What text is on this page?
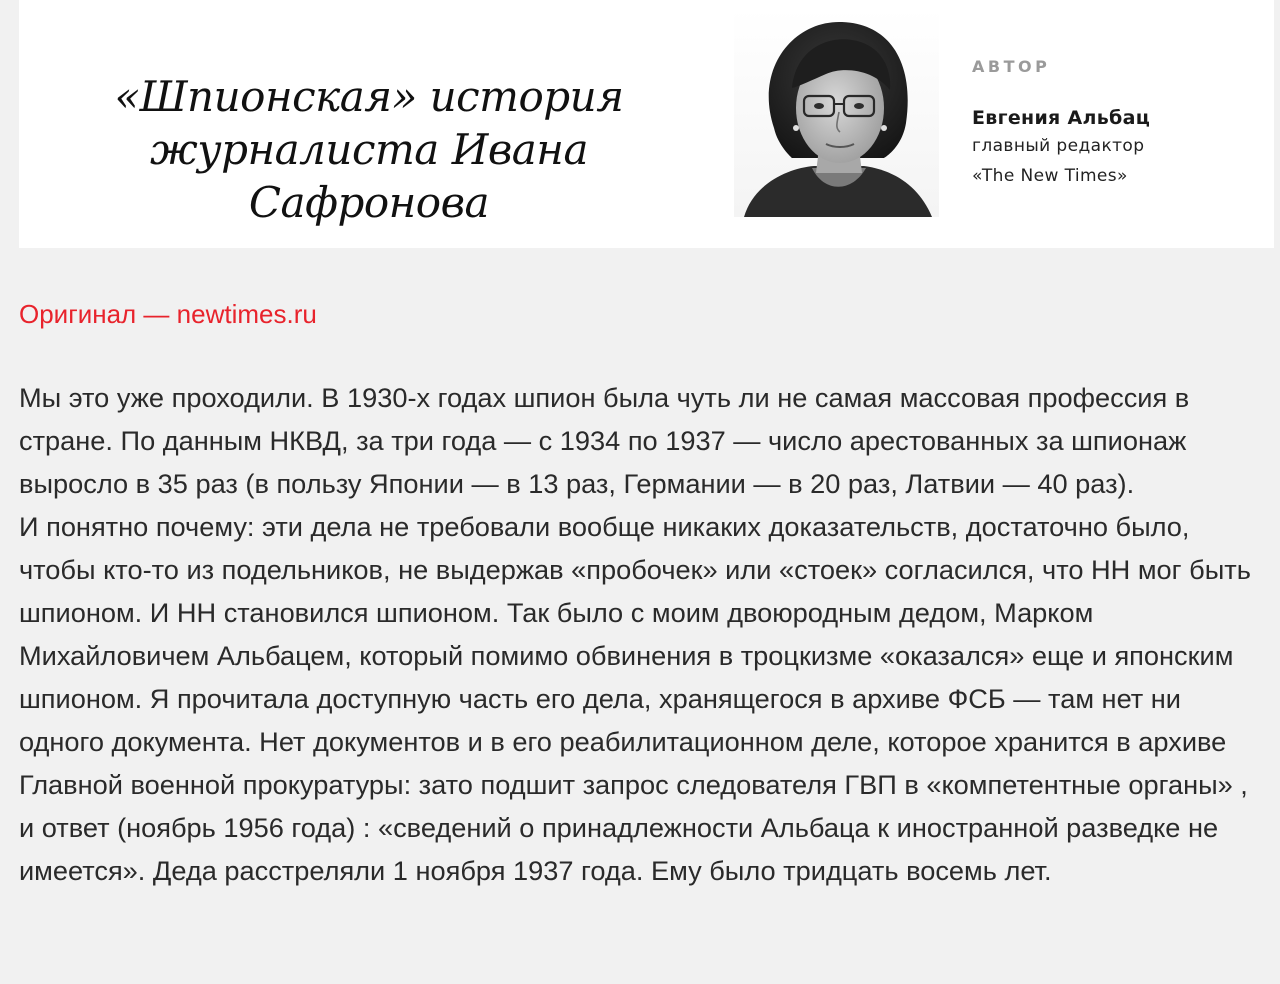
«Шпионская» история журналиста Ивана Сафронова
АВТОР
Евгения Альбац
главный редактор
«The New Times»
Оригинал — newtimes.ru

Мы это уже проходили. В 1930-х годах шпион была чуть ли не самая массовая профессия в стране. По данным НКВД, за три года — с 1934 по 1937 — число арестованных за шпионаж выросло в 35 раз (в пользу Японии — в 13 раз, Германии — в 20 раз, Латвии — 40 раз).

И понятно почему: эти дела не требовали вообще никаких доказательств, достаточно было, чтобы кто-то из подельников, не выдержав «пробочек» или «стоек» согласился, что НН мог быть шпионом. И НН становился шпионом. Так было с моим двоюродным дедом, Марком Михайловичем Альбацем, который помимо обвинения в троцкизме «оказался» еще и японским шпионом. Я прочитала доступную часть его дела, хранящегося в архиве ФСБ — там нет ни одного документа. Нет документов и в его реабилитационном деле, которое хранится в архиве Главной военной прокуратуры: зато подшит запрос следователя ГВП в «компетентные органы» , и ответ (ноябрь 1956 года) : «сведений о принадлежности Альбаца к иностранной разведке не имеется». Деда расстреляли 1 ноября 1937 года. Ему было тридцать восемь лет.
